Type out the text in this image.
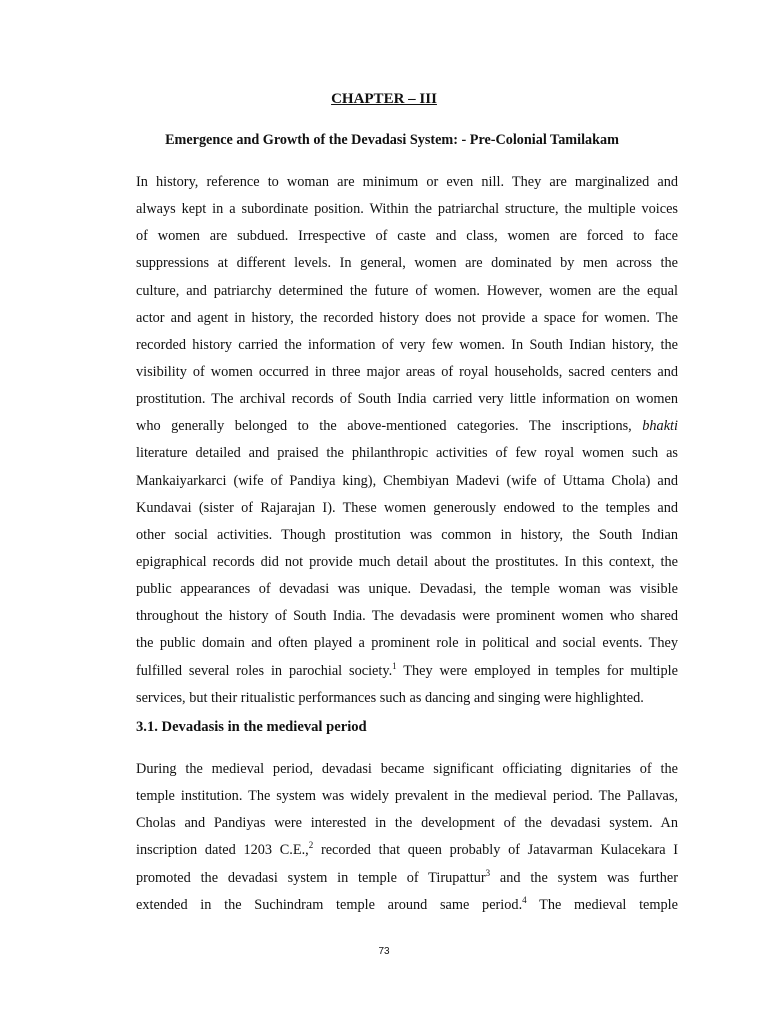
CHAPTER – III
Emergence and Growth of the Devadasi System: - Pre-Colonial Tamilakam
In history, reference to woman are minimum or even nill. They are marginalized and
always kept in a subordinate position. Within the patriarchal structure, the multiple voices
of women are subdued. Irrespective of caste and class, women are forced to face
suppressions at different levels. In general, women are dominated by men across the
culture, and patriarchy determined the future of women. However, women are the equal
actor and agent in history, the recorded history does not provide a space for women. The
recorded history carried the information of very few women. In South Indian history, the
visibility of women occurred in three major areas of royal households, sacred centers and
prostitution. The archival records of South India carried very little information on women
who generally belonged to the above-mentioned categories. The inscriptions, bhakti
literature detailed and praised the philanthropic activities of few royal women such as
Mankaiyarkarci (wife of Pandiya king), Chembiyan Madevi (wife of Uttama Chola) and
Kundavai (sister of Rajarajan I). These women generously endowed to the temples and
other social activities. Though prostitution was common in history, the South Indian
epigraphical records did not provide much detail about the prostitutes. In this context, the
public appearances of devadasi was unique. Devadasi, the temple woman was visible
throughout the history of South India. The devadasis were prominent women who shared
the public domain and often played a prominent role in political and social events. They
fulfilled several roles in parochial society.$^1$ They were employed in temples for multiple
services, but their ritualistic performances such as dancing and singing were highlighted.
3.1. Devadasis in the medieval period
During the medieval period, devadasi became significant officiating dignitaries of the
temple institution. The system was widely prevalent in the medieval period. The Pallavas,
Cholas and Pandiyas were interested in the development of the devadasi system. An
inscription dated 1203 C.E.,$^2$ recorded that queen probably of Jatavarman Kulacekara I
promoted the devadasi system in temple of Tirupattur$^3$ and the system was further
extended in the Suchindram temple around same period.$^4$ The medieval temple
73
